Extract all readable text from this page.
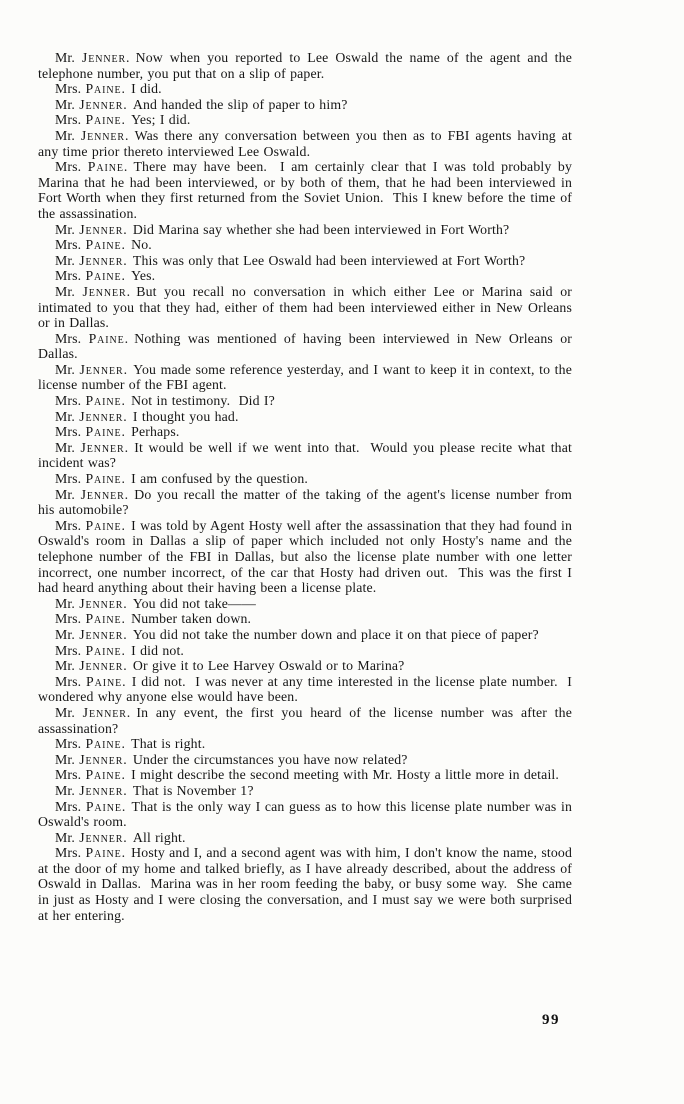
Mr. Jenner. Now when you reported to Lee Oswald the name of the agent and the telephone number, you put that on a slip of paper.

Mrs. Paine. I did.

Mr. Jenner. And handed the slip of paper to him?

Mrs. Paine. Yes; I did.

Mr. Jenner. Was there any conversation between you then as to FBI agents having at any time prior thereto interviewed Lee Oswald.

Mrs. Paine. There may have been.  I am certainly clear that I was told probably by Marina that he had been interviewed, or by both of them, that he had been interviewed in Fort Worth when they first returned from the Soviet Union.  This I knew before the time of the assassination.

Mr. Jenner. Did Marina say whether she had been interviewed in Fort Worth?

Mrs. Paine. No.

Mr. Jenner. This was only that Lee Oswald had been interviewed at Fort Worth?

Mrs. Paine. Yes.

Mr. Jenner. But you recall no conversation in which either Lee or Marina said or intimated to you that they had, either of them had been interviewed either in New Orleans or in Dallas.

Mrs. Paine. Nothing was mentioned of having been interviewed in New Orleans or Dallas.

Mr. Jenner. You made some reference yesterday, and I want to keep it in context, to the license number of the FBI agent.

Mrs. Paine. Not in testimony.  Did I?

Mr. Jenner. I thought you had.

Mrs. Paine. Perhaps.

Mr. Jenner. It would be well if we went into that.  Would you please recite what that incident was?

Mrs. Paine. I am confused by the question.

Mr. Jenner. Do you recall the matter of the taking of the agent's license number from his automobile?

Mrs. Paine. I was told by Agent Hosty well after the assassination that they had found in Oswald's room in Dallas a slip of paper which included not only Hosty's name and the telephone number of the FBI in Dallas, but also the license plate number with one letter incorrect, one number incorrect, of the car that Hosty had driven out.  This was the first I had heard anything about their having been a license plate.

Mr. Jenner. You did not take——

Mrs. Paine. Number taken down.

Mr. Jenner. You did not take the number down and place it on that piece of paper?

Mrs. Paine. I did not.

Mr. Jenner. Or give it to Lee Harvey Oswald or to Marina?

Mrs. Paine. I did not.  I was never at any time interested in the license plate number.  I wondered why anyone else would have been.

Mr. Jenner. In any event, the first you heard of the license number was after the assassination?

Mrs. Paine. That is right.

Mr. Jenner. Under the circumstances you have now related?

Mrs. Paine. I might describe the second meeting with Mr. Hosty a little more in detail.

Mr. Jenner. That is November 1?

Mrs. Paine. That is the only way I can guess as to how this license plate number was in Oswald's room.

Mr. Jenner. All right.

Mrs. Paine. Hosty and I, and a second agent was with him, I don't know the name, stood at the door of my home and talked briefly, as I have already described, about the address of Oswald in Dallas.  Marina was in her room feeding the baby, or busy some way.  She came in just as Hosty and I were closing the conversation, and I must say we were both surprised at her entering.

99
